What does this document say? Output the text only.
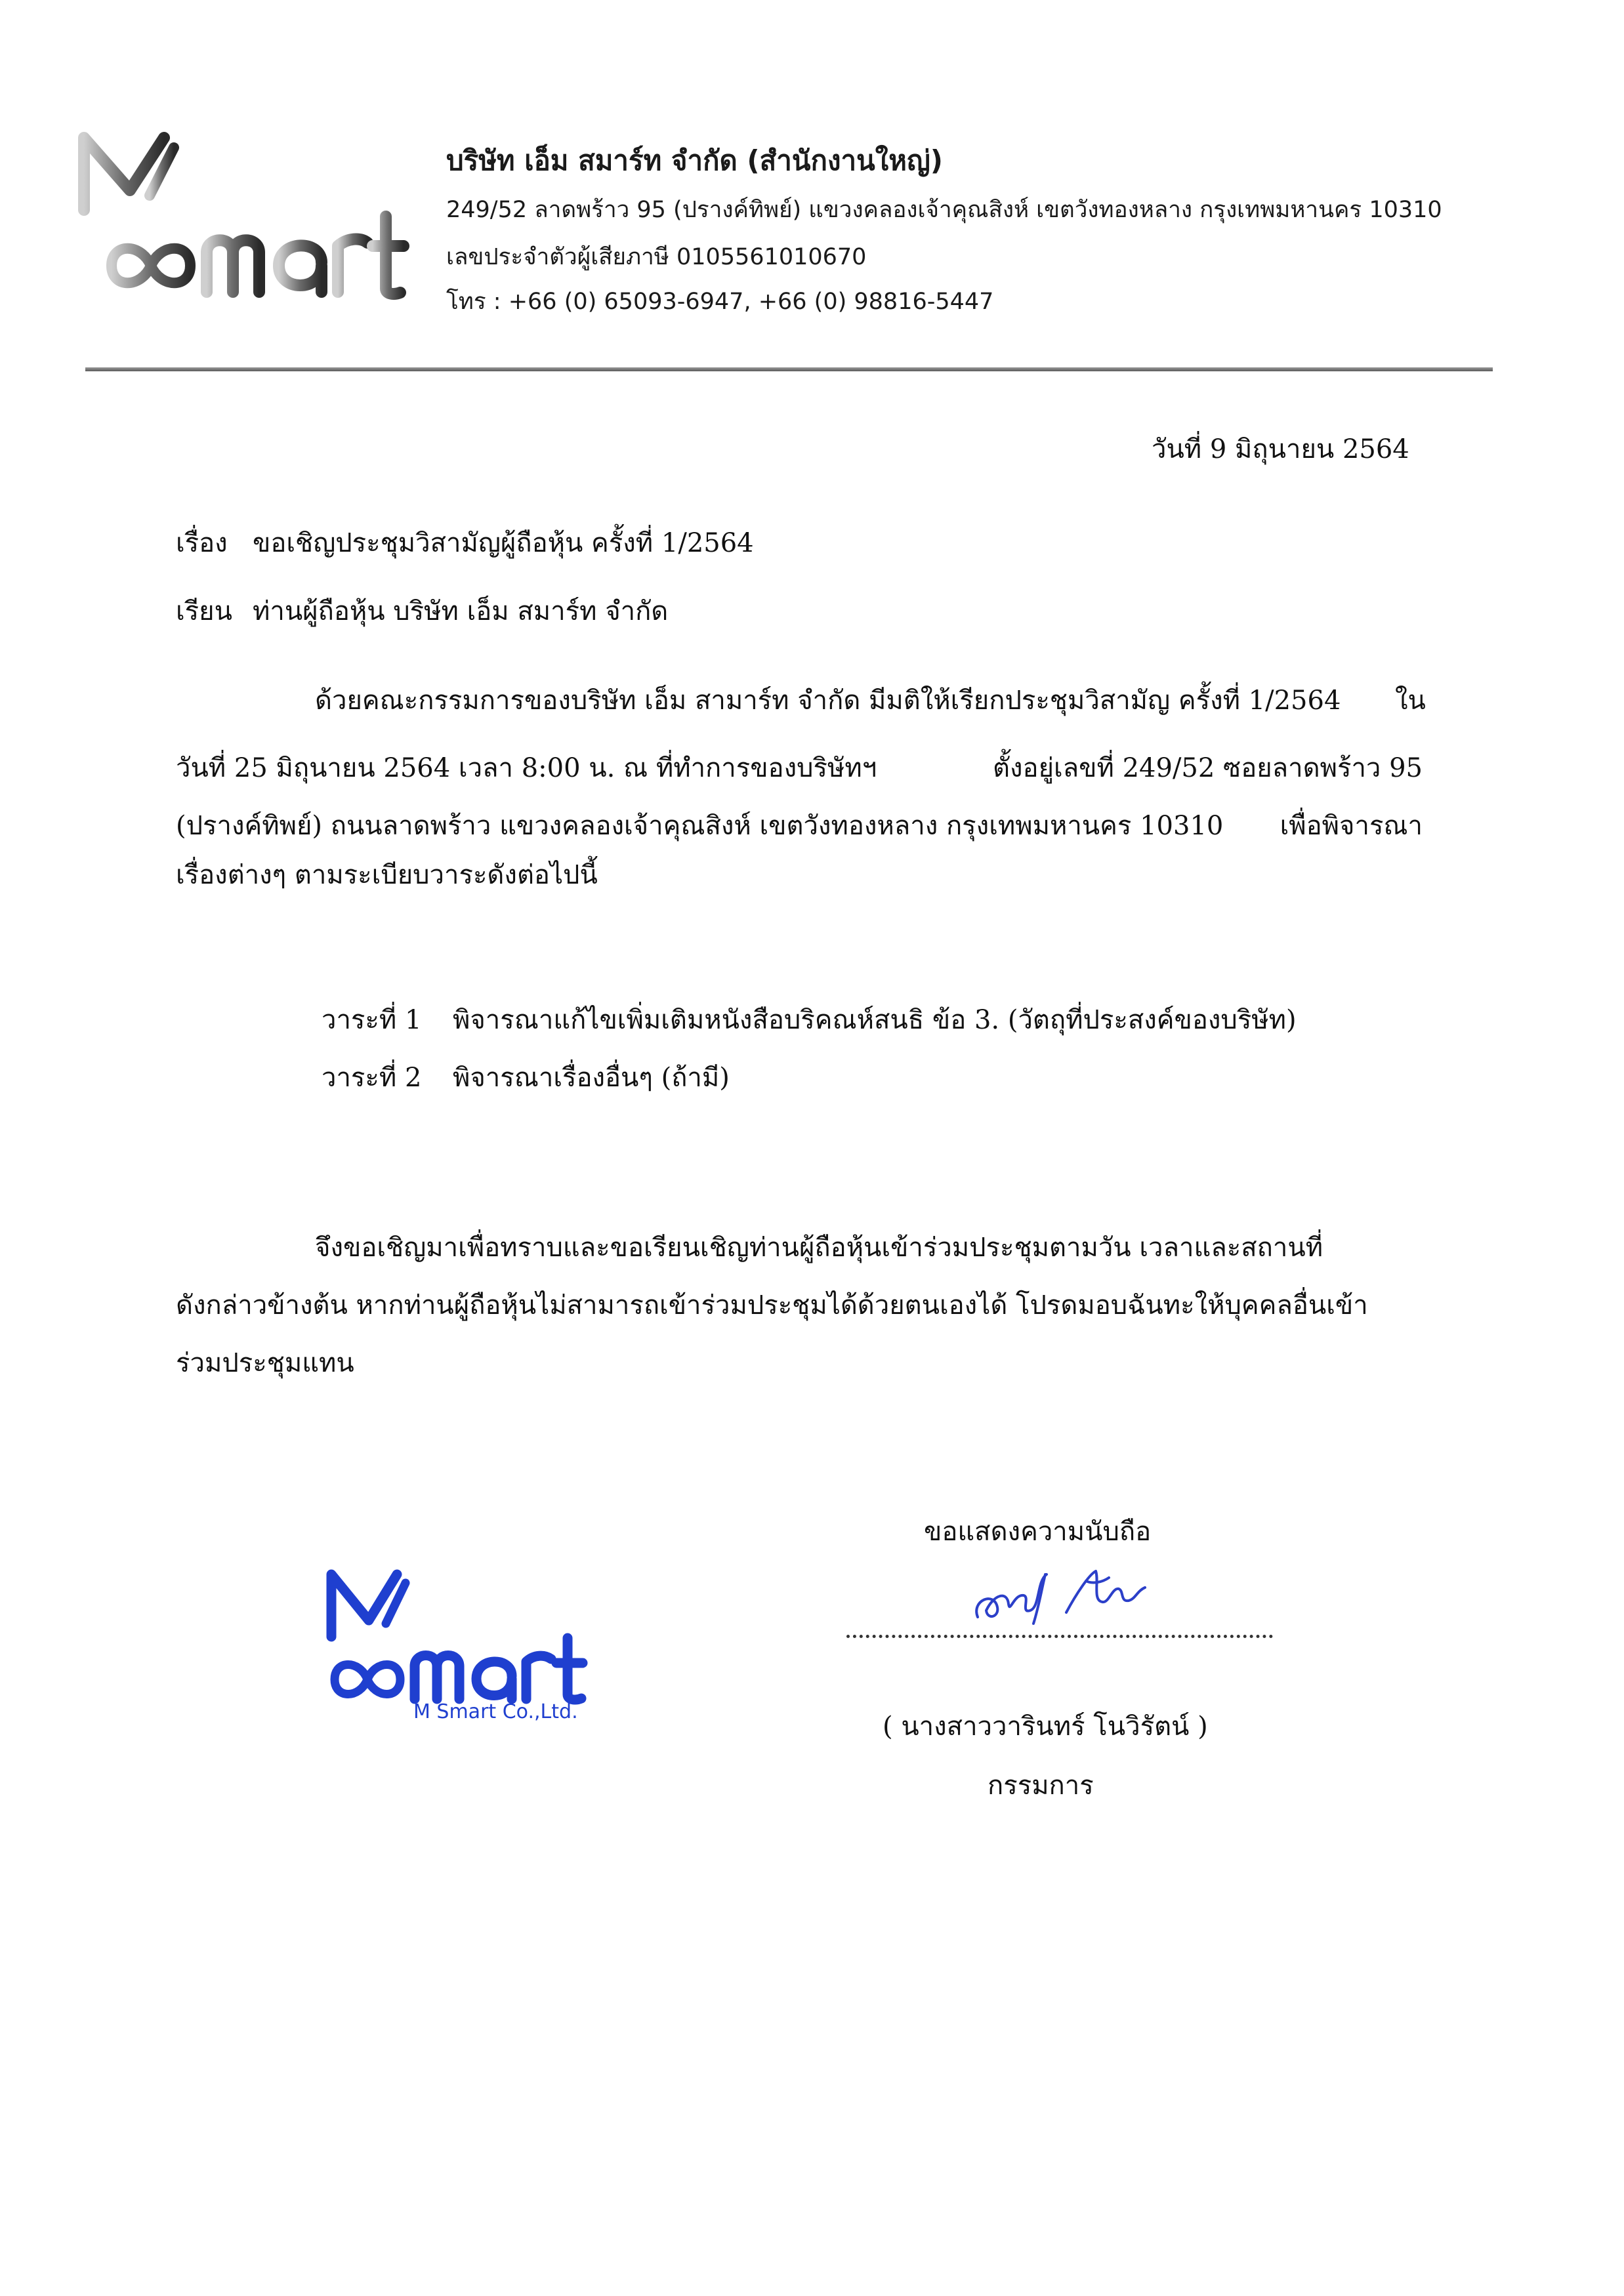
บริษัท เอ็ม สมาร์ท จำกัด (สำนักงานใหญ่)
249/52 ลาดพร้าว 95 (ปรางค์ทิพย์) แขวงคลองเจ้าคุณสิงห์ เขตวังทองหลาง กรุงเทพมหานคร 10310
เลขประจำตัวผู้เสียภาษี 0105561010670
โทร : +66 (0) 65093-6947, +66 (0) 98816-5447
วันที่ 9 มิถุนายน 2564
เรื่อง ขอเชิญประชุมวิสามัญผู้ถือหุ้น ครั้งที่ 1/2564
เรียน ท่านผู้ถือหุ้น บริษัท เอ็ม สมาร์ท จำกัด
ด้วยคณะกรรมการของบริษัท เอ็ม สามาร์ท จำกัด มีมติให้เรียกประชุมวิสามัญ ครั้งที่ 1/2564 ใน
วันที่ 25 มิถุนายน 2564 เวลา 8:00 น. ณ ที่ทำการของบริษัทฯ	ตั้งอยู่เลขที่ 249/52 ซอยลาดพร้าว 95
(ปรางค์ทิพย์) ถนนลาดพร้าว แขวงคลองเจ้าคุณสิงห์ เขตวังทองหลาง กรุงเทพมหานคร 10310 เพื่อพิจารณา
เรื่องต่างๆ ตามระเบียบวาระดังต่อไปนี้
วาระที่ 1 พิจารณาแก้ไขเพิ่มเติมหนังสือบริคณห์สนธิ ข้อ 3. (วัตถุที่ประสงค์ของบริษัท)
วาระที่ 2 พิจารณาเรื่องอื่นๆ (ถ้ามี)
จึงขอเชิญมาเพื่อทราบและขอเรียนเชิญท่านผู้ถือหุ้นเข้าร่วมประชุมตามวัน เวลาและสถานที่
ดังกล่าวข้างต้น หากท่านผู้ถือหุ้นไม่สามารถเข้าร่วมประชุมได้ด้วยตนเองได้ โปรดมอบฉันทะให้บุคคลอื่นเข้า
ร่วมประชุมแทน
ขอแสดงความนับถือ
( นางสาววารินทร์ โนวิรัตน์ )
กรรมการ
M Smart Co.,Ltd.
